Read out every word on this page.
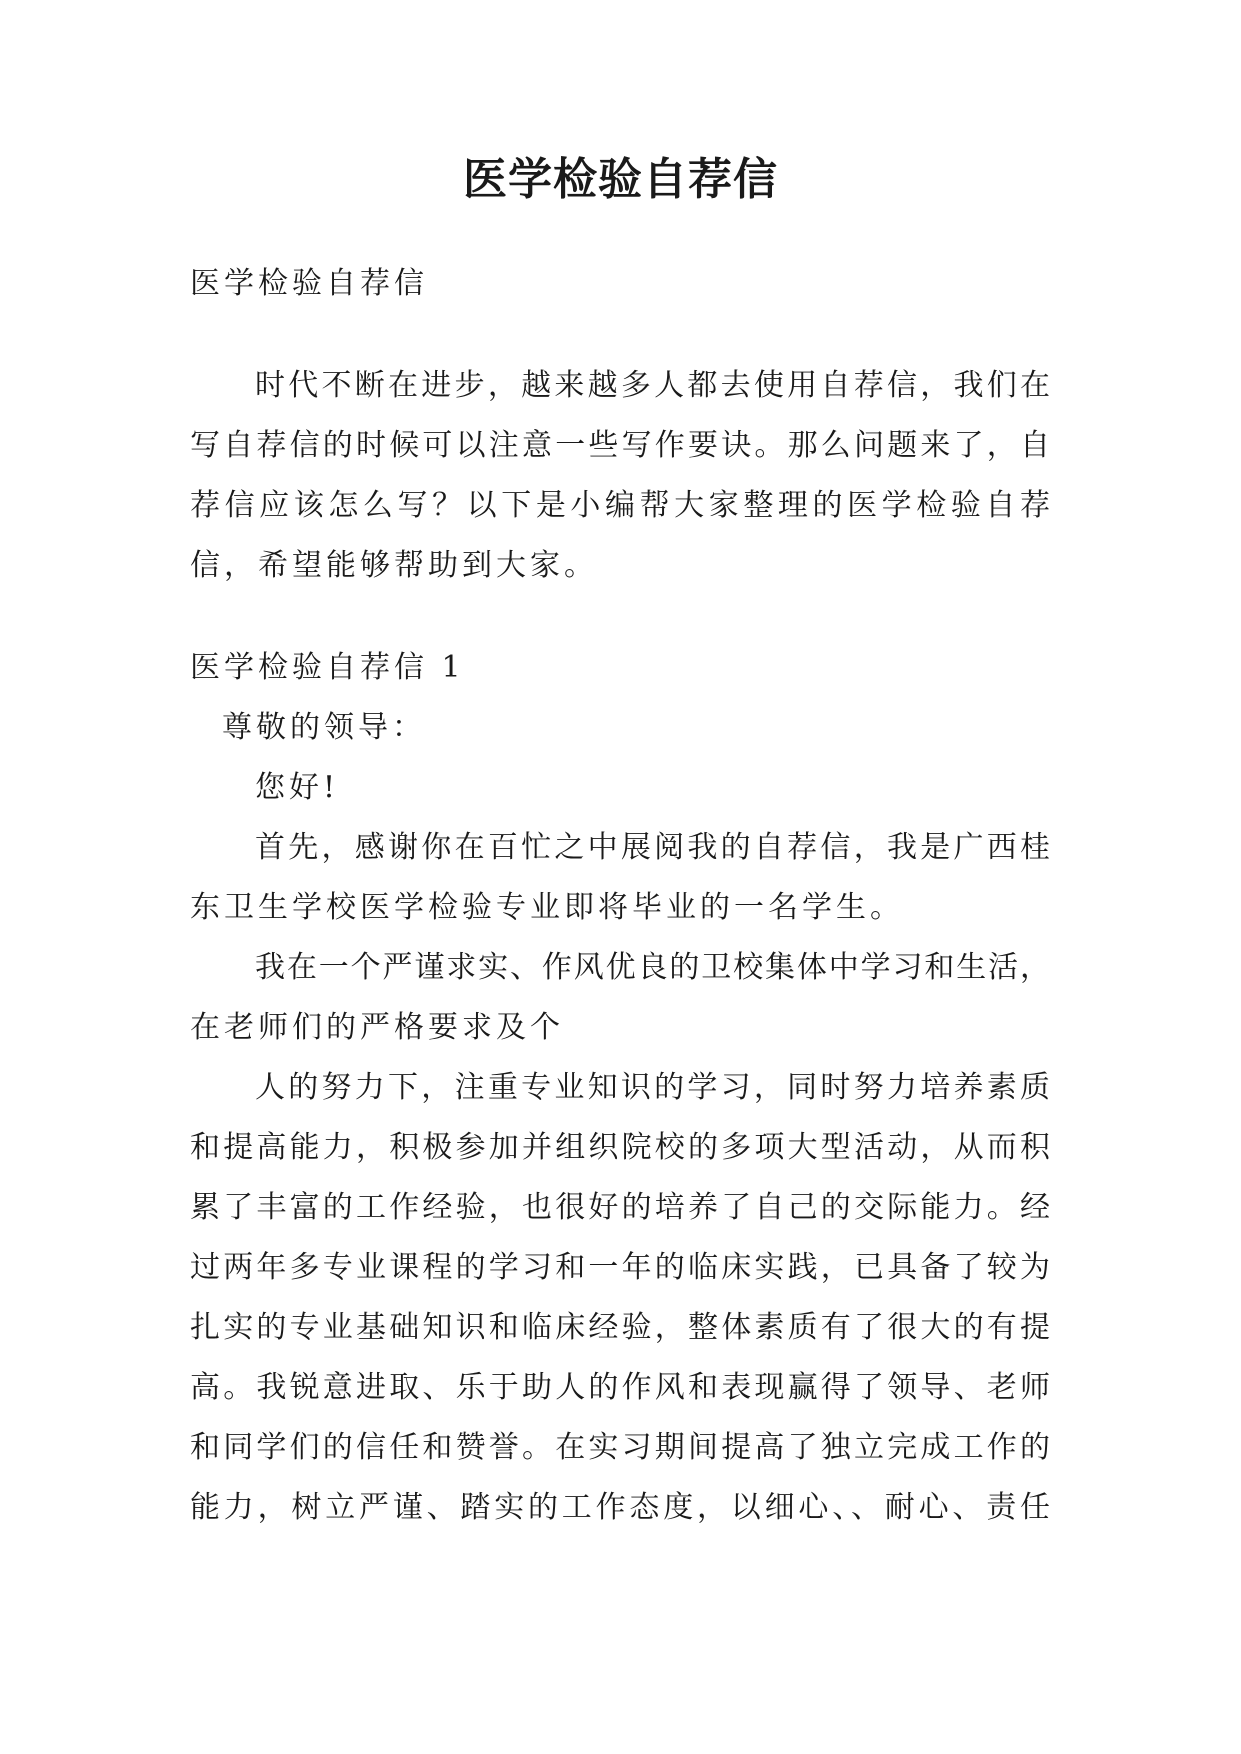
医学检验自荐信
医学检验自荐信
时代不断在进步，越来越多人都去使用自荐信，我们在
写自荐信的时候可以注意一些写作要诀。那么问题来了，自
荐信应该怎么写？以下是小编帮大家整理的医学检验自荐
信，希望能够帮助到大家。
医学检验自荐信 1
尊敬的领导：
您好!
首先，感谢你在百忙之中展阅我的自荐信，我是广西桂
东卫生学校医学检验专业即将毕业的一名学生。
我在一个严谨求实、作风优良的卫校集体中学习和生活，
在老师们的严格要求及个
人的努力下，注重专业知识的学习，同时努力培养素质
和提高能力，积极参加并组织院校的多项大型活动，从而积
累了丰富的工作经验，也很好的培养了自己的交际能力。经
过两年多专业课程的学习和一年的临床实践，已具备了较为
扎实的专业基础知识和临床经验，整体素质有了很大的有提
高。我锐意进取、乐于助人的作风和表现赢得了领导、老师
和同学们的信任和赞誉。在实习期间提高了独立完成工作的
能力，树立严谨、踏实的工作态度，以细心、、耐心、责任
